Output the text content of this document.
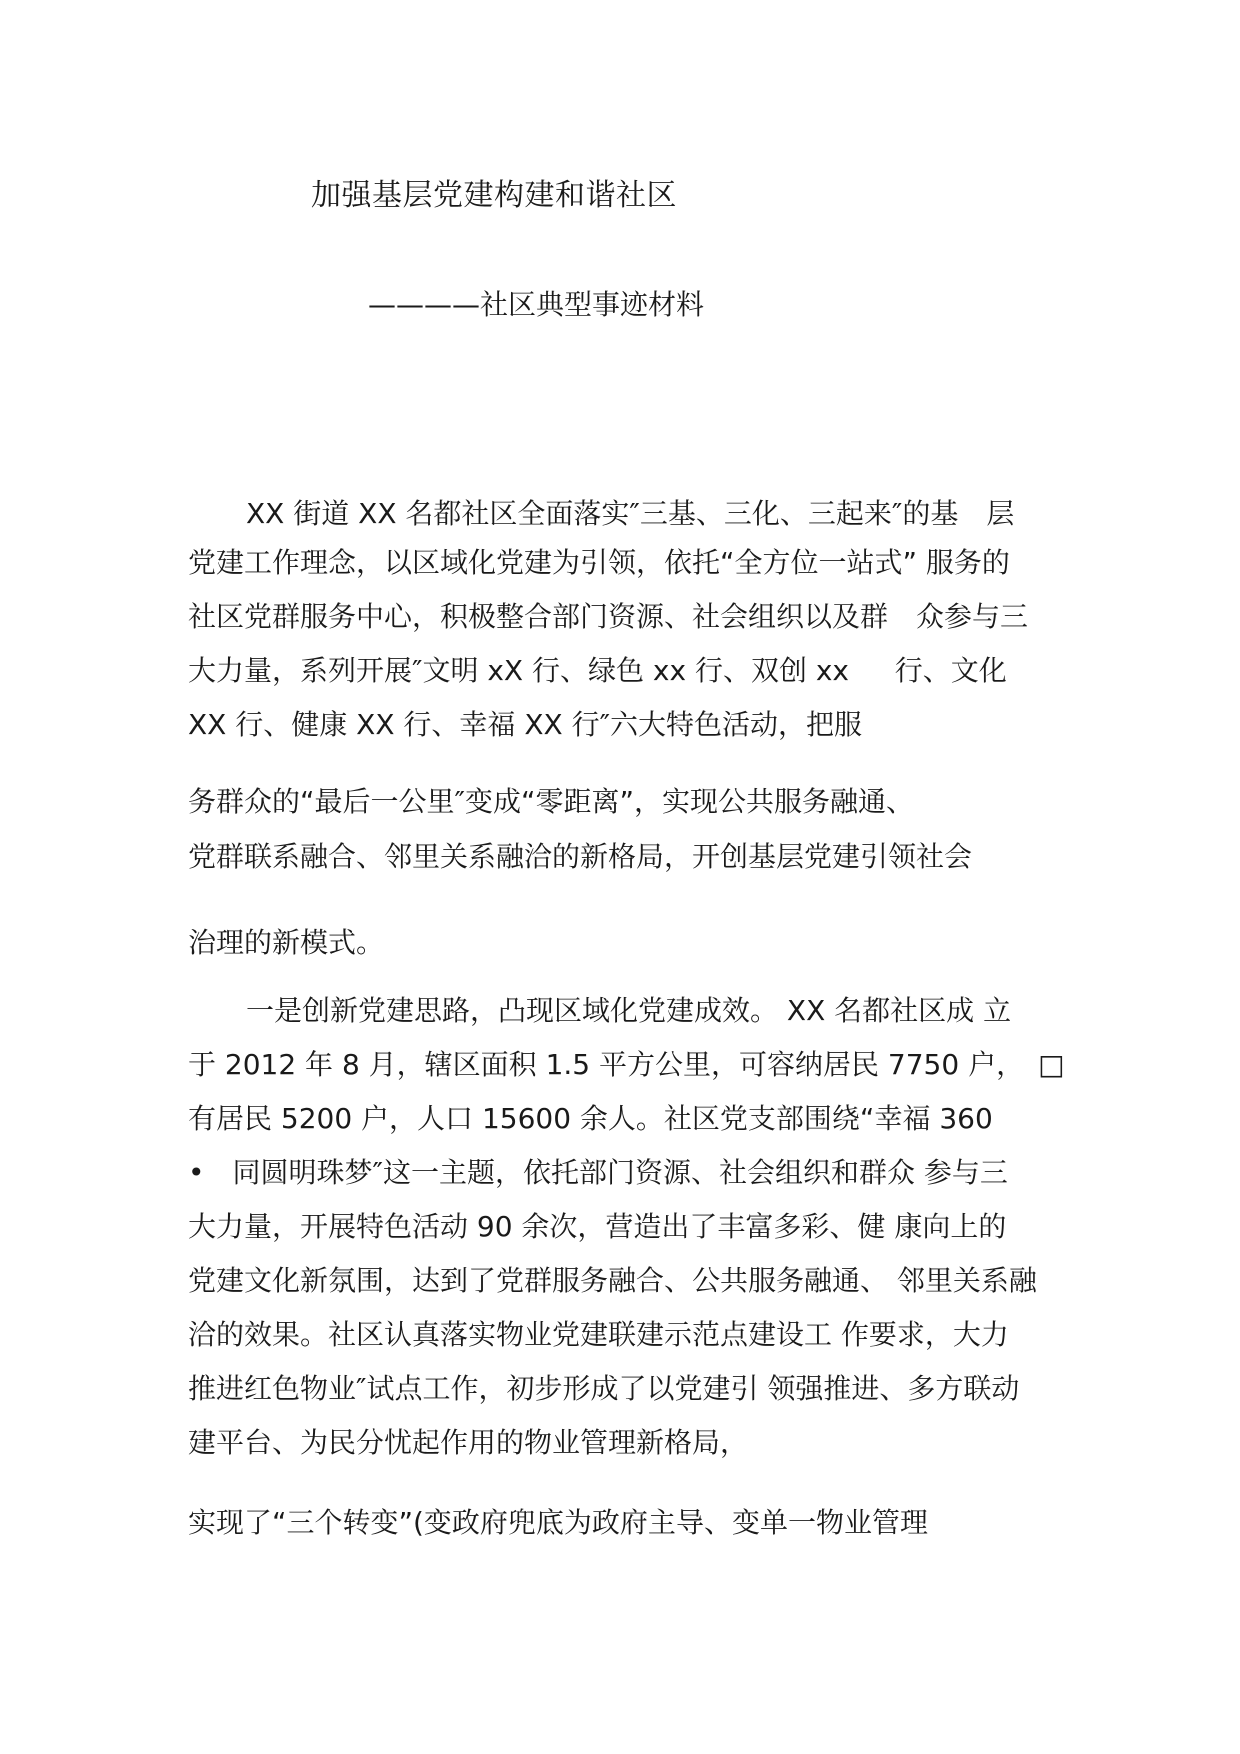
加强基层党建构建和谐社区
————社区典型事迹材料
XX 街道 XX 名都社区全面落实″三基、三化、三起来″的基　层
党建工作理念，以区域化党建为引领，依托“全方位一站式” 服务的
社区党群服务中心，积极整合部门资源、社会组织以及群　众参与三
大力量，系列开展″文明 xX 行、绿色 xx 行、双创 xx 　 行、文化
XX 行、健康 XX 行、幸福 XX 行″六大特色活动，把服
务群众的“最后一公里″变成“零距离”，实现公共服务融通、
党群联系融合、邻里关系融洽的新格局，开创基层党建引领社会
治理的新模式。
一是创新党建思路，凸现区域化党建成效。 XX 名都社区成 立
于 2012 年 8 月，辖区面积 1.5 平方公里，可容纳居民 7750 户，　□
有居民 5200 户，人口 15600 余人。社区党支部围绕“幸福 360
•　同圆明珠梦″这一主题，依托部门资源、社会组织和群众 参与三
大力量，开展特色活动 90 余次，营造出了丰富多彩、健 康向上的
党建文化新氛围，达到了党群服务融合、公共服务融通、 邻里关系融
洽的效果。社区认真落实物业党建联建示范点建设工 作要求，大力
推进红色物业″试点工作，初步形成了以党建引 领强推进、多方联动
建平台、为民分忧起作用的物业管理新格局，
实现了“三个转变”(变政府兜底为政府主导、变单一物业管理
